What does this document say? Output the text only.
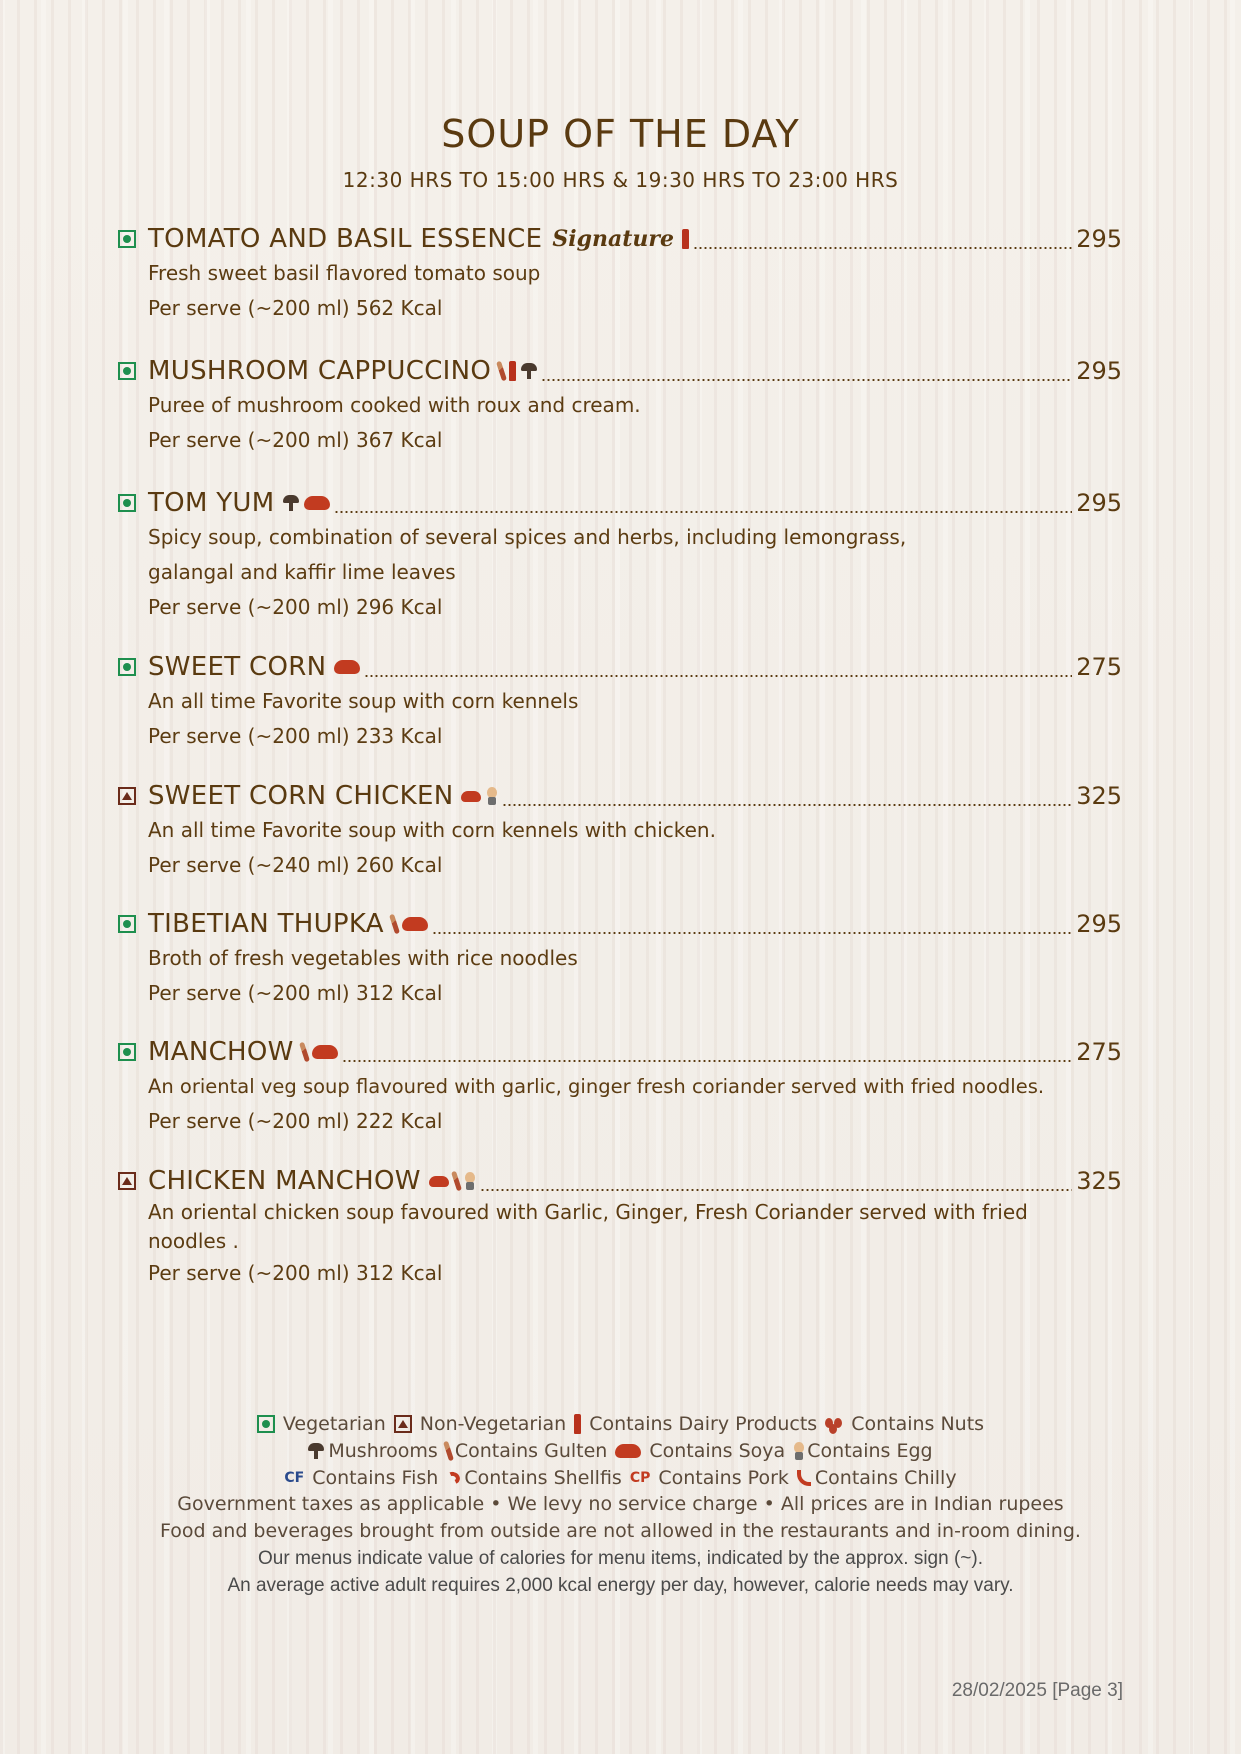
SOUP OF THE DAY
12:30 HRS TO 15:00 HRS & 19:30 HRS TO 23:00 HRS
TOMATO AND BASIL ESSENCE Signature	295
Fresh sweet basil flavored tomato soup
Per serve (~200 ml) 562 Kcal
MUSHROOM CAPPUCCINO	295
Puree of mushroom cooked with roux and cream.
Per serve (~200 ml) 367 Kcal
TOM YUM	295
Spicy soup, combination of several spices and herbs, including lemongrass, galangal and kaffir lime leaves
Per serve (~200 ml) 296 Kcal
SWEET CORN	275
An all time Favorite soup with corn kennels
Per serve (~200 ml) 233 Kcal
SWEET CORN CHICKEN	325
An all time Favorite soup with corn kennels with chicken.
Per serve (~240 ml) 260 Kcal
TIBETIAN THUPKA	295
Broth of fresh vegetables with rice noodles
Per serve (~200 ml) 312 Kcal
MANCHOW	275
An oriental veg soup flavoured with garlic, ginger fresh coriander served with fried noodles.
Per serve (~200 ml) 222 Kcal
CHICKEN MANCHOW	325
An oriental chicken soup favoured with Garlic, Ginger, Fresh Coriander served with fried noodles .
Per serve (~200 ml) 312 Kcal
Vegetarian Non-Vegetarian Contains Dairy Products Contains Nuts
Mushrooms Contains Gulten Contains Soya Contains Egg
CF Contains Fish Contains Shellfis CP Contains Pork Contains Chilly
Government taxes as applicable • We levy no service charge • All prices are in Indian rupees
Food and beverages brought from outside are not allowed in the restaurants and in-room dining.
Our menus indicate value of calories for menu items, indicated by the approx. sign (~).
An average active adult requires 2,000 kcal energy per day, however, calorie needs may vary.
28/02/2025 [Page 3]
